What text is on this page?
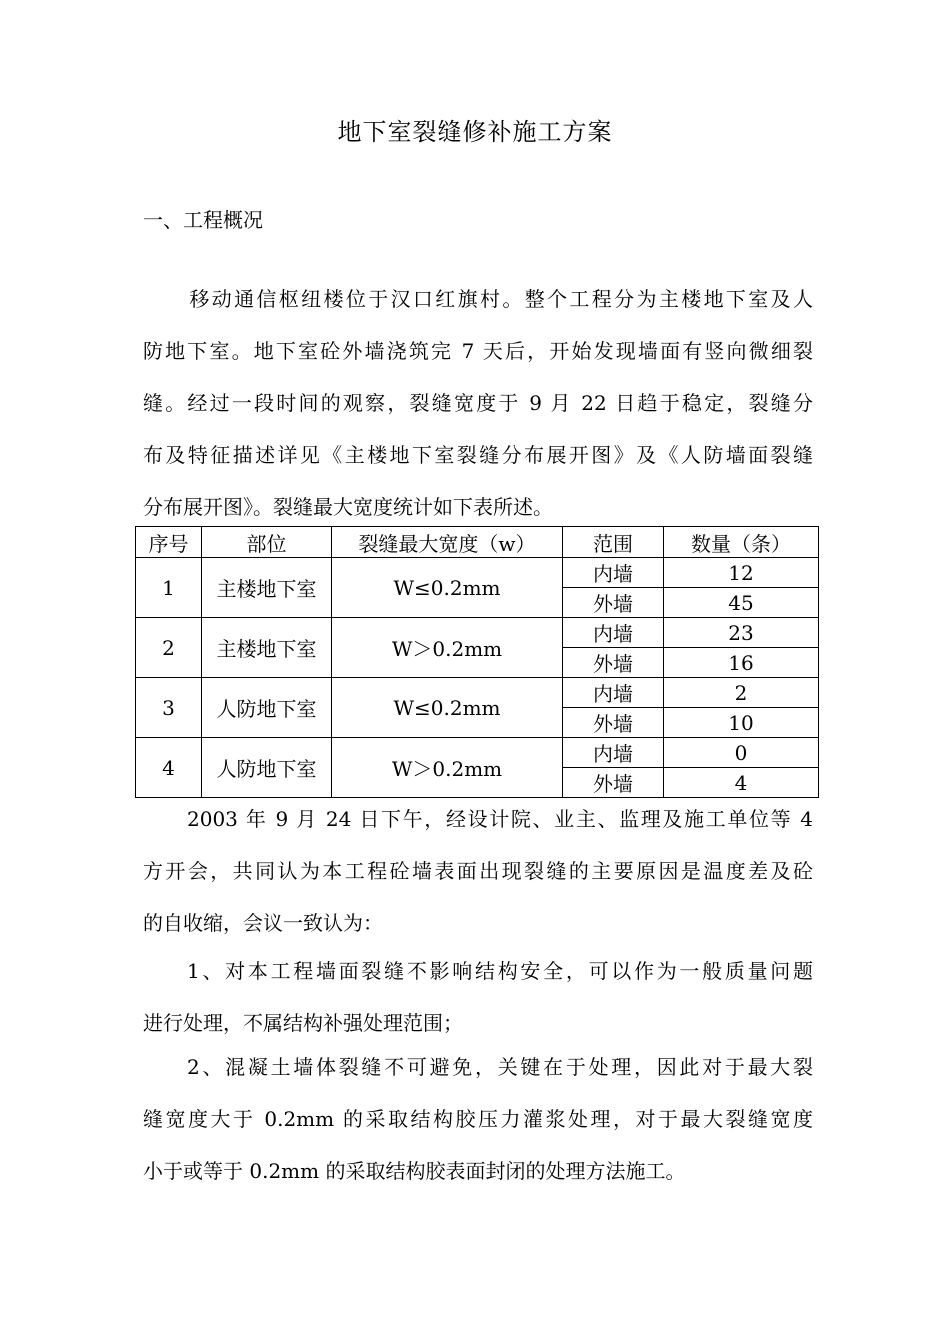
地下室裂缝修补施工方案
一、工程概况
移动通信枢纽楼位于汉口红旗村。整个工程分为主楼地下室及人
防地下室。地下室砼外墙浇筑完 7 天后，开始发现墙面有竖向微细裂
缝。经过一段时间的观察，裂缝宽度于 9 月 22 日趋于稳定，裂缝分
布及特征描述详见《主楼地下室裂缝分布展开图》及《人防墙面裂缝
分布展开图》。裂缝最大宽度统计如下表所述。
序号	部位	裂缝最大宽度（w）	范围	数量（条）
1	主楼地下室	W≤0.2mm	内墙	12
			外墙	45
2	主楼地下室	W＞0.2mm	内墙	23
			外墙	16
3	人防地下室	W≤0.2mm	内墙	2
			外墙	10
4	人防地下室	W＞0.2mm	内墙	0
			外墙	4
2003 年 9 月 24 日下午，经设计院、业主、监理及施工单位等 4
方开会，共同认为本工程砼墙表面出现裂缝的主要原因是温度差及砼
的自收缩，会议一致认为：
1、对本工程墙面裂缝不影响结构安全，可以作为一般质量问题
进行处理，不属结构补强处理范围；
2、混凝土墙体裂缝不可避免，关键在于处理，因此对于最大裂
缝宽度大于 0.2mm 的采取结构胶压力灌浆处理，对于最大裂缝宽度
小于或等于 0.2mm 的采取结构胶表面封闭的处理方法施工。
